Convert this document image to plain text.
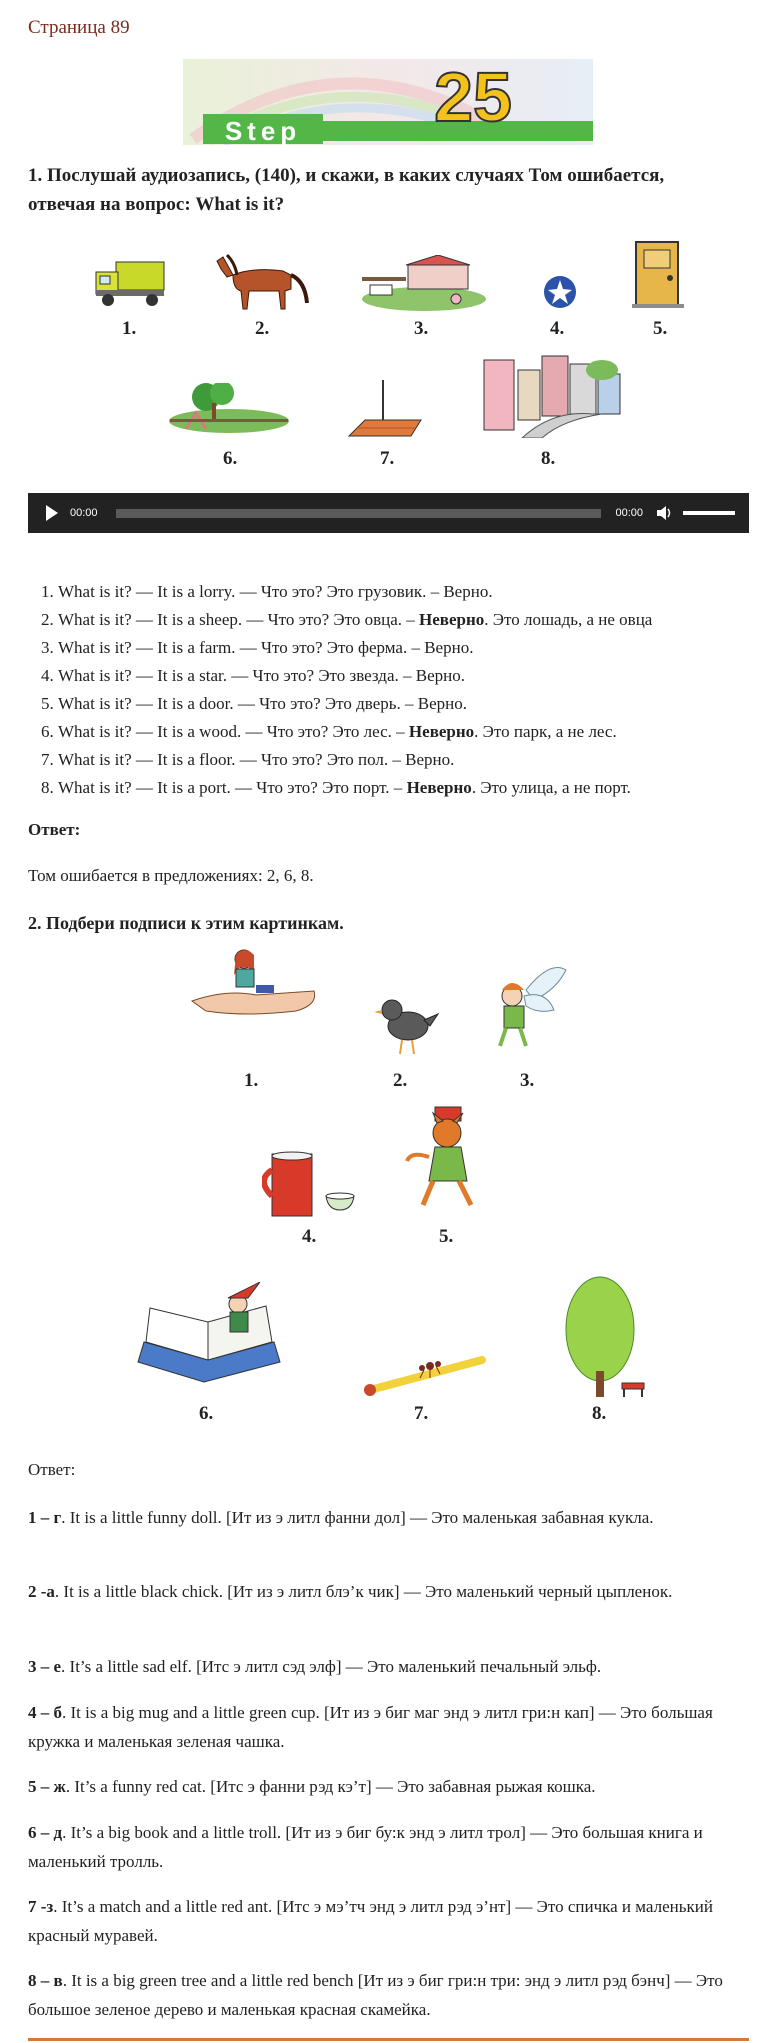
Страница 89
Step 25
1. Послушай аудиозапись, (140), и скажи, в каких случаях Том ошибается, отвечая на вопрос: What is it?
1.	2.	3.	4.	5.
6.	7.	8.
00:00	00:00
1. What is it? — It is a lorry. — Что это? Это грузовик. – Верно.
2. What is it? — It is a sheep. — Что это? Это овца. – Неверно. Это лошадь, а не овца
3. What is it? — It is a farm. — Что это? Это ферма. – Верно.
4. What is it? — It is a star. — Что это? Это звезда. – Верно.
5. What is it? — It is a door. — Что это? Это дверь. – Верно.
6. What is it? — It is a wood. — Что это? Это лес. – Неверно. Это парк, а не лес.
7. What is it? — It is a floor. — Что это? Это пол. – Верно.
8. What is it? — It is a port. — Что это? Это порт. – Неверно. Это улица, а не порт.
Ответ:
Том ошибается в предложениях: 2, 6, 8.
2. Подбери подписи к этим картинкам.
1.	2.	3.
4.	5.
6.	7.	8.
Ответ:
1 – г. It is a little funny doll. [Ит из э литл фанни дол] — Это маленькая забавная кукла.
2 -а. It is a little black chick. [Ит из э литл блэ’к чик] — Это маленький черный цыпленок.
3 – е. It’s a little sad elf. [Итс э литл сэд элф] — Это маленький печальный эльф.
4 – б. It is a big mug and a little green cup. [Ит из э биг маг энд э литл гри:н кап] — Это большая кружка и маленькая зеленая чашка.
5 – ж. It’s a funny red cat. [Итс э фанни рэд кэ’т] — Это забавная рыжая кошка.
6 – д. It’s a big book and a little troll. [Ит из э биг бу:к энд э литл трол] — Это большая книга и маленький тролль.
7 -з. It’s a match and a little red ant. [Итс э мэ’тч энд э литл рэд э’нт] — Это спичка и маленький красный муравей.
8 – в. It is a big green tree and a little red bench [Ит из э биг гри:н три: энд э литл рэд бэнч] — Это большое зеленое дерево и маленькая красная скамейка.
